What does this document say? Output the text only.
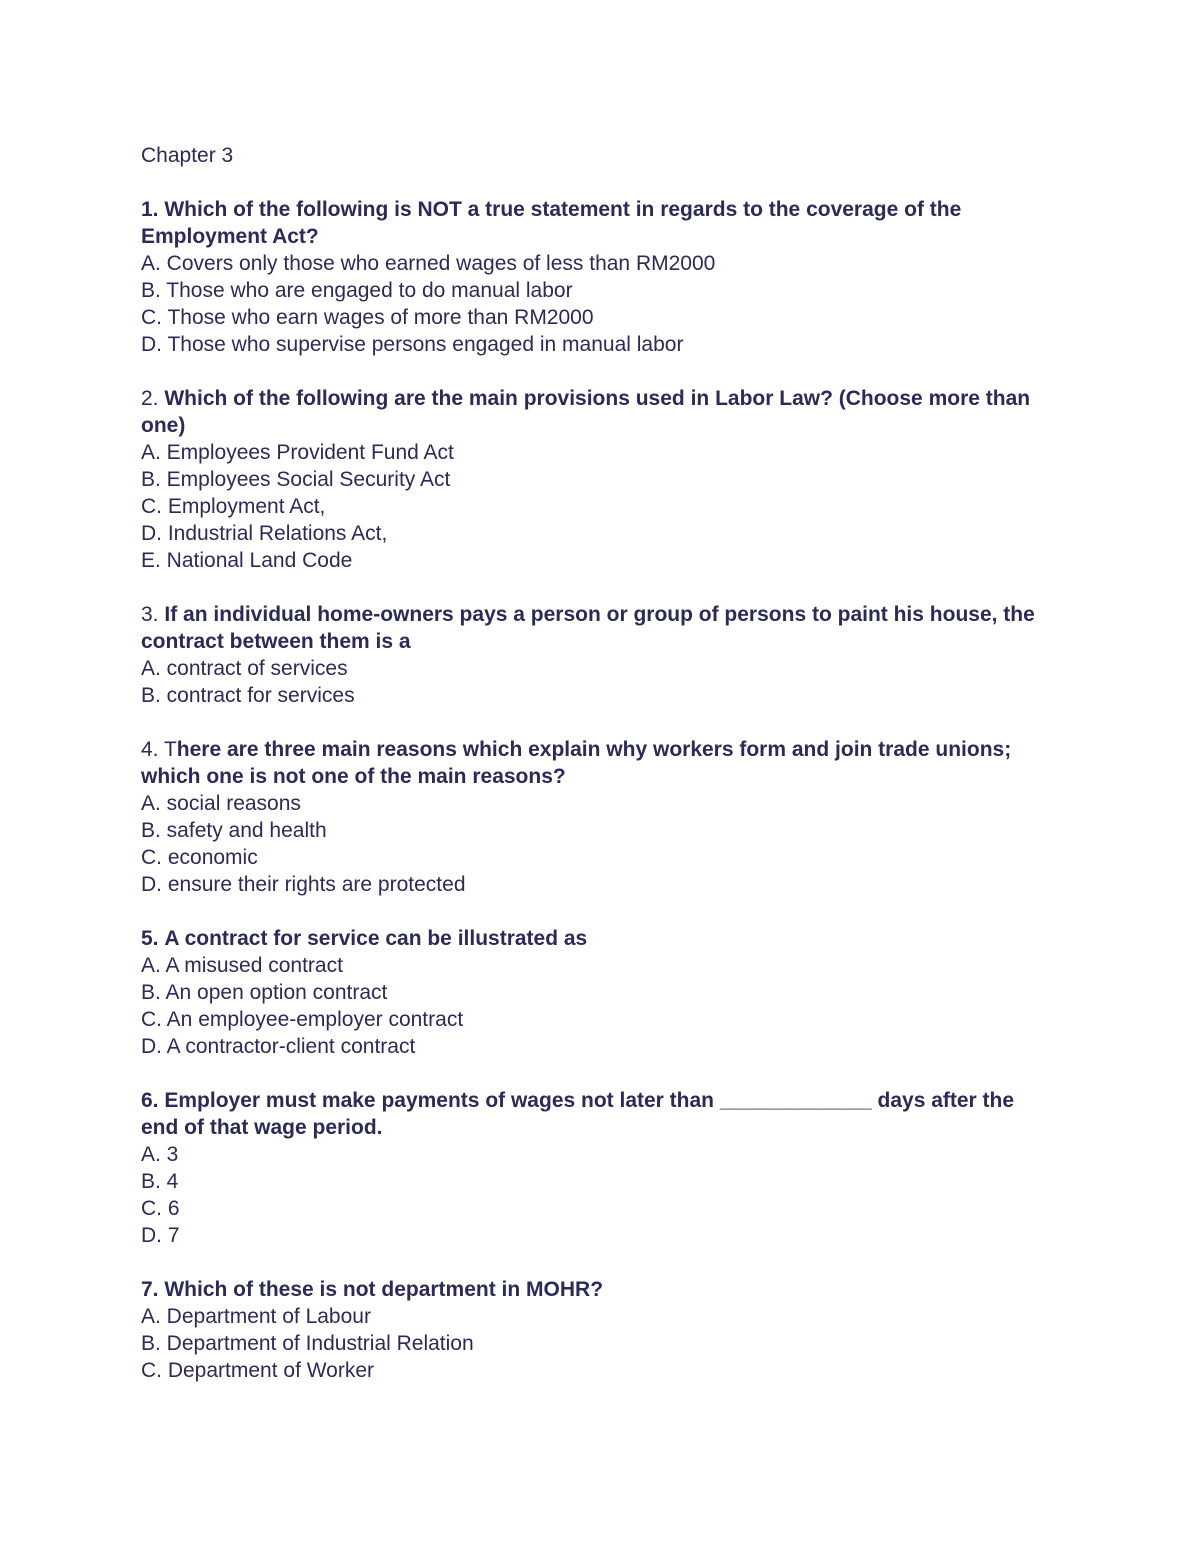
Chapter 3

1. Which of the following is NOT a true statement in regards to the coverage of the Employment Act?

A. Covers only those who earned wages of less than RM2000

B. Those who are engaged to do manual labor

C. Those who earn wages of more than RM2000

D. Those who supervise persons engaged in manual labor

2. Which of the following are the main provisions used in Labor Law? (Choose more than one)

A. Employees Provident Fund Act

B. Employees Social Security Act

C. Employment Act,

D. Industrial Relations Act,

E. National Land Code

3. If an individual home-owners pays a person or group of persons to paint his house, the contract between them is a

A. contract of services

B. contract for services

4. There are three main reasons which explain why workers form and join trade unions; which one is not one of the main reasons?

A. social reasons

B. safety and health

C. economic

D. ensure their rights are protected

5. A contract for service can be illustrated as

A. A misused contract

B. An open option contract

C. An employee-employer contract

D. A contractor-client contract

6. Employer must make payments of wages not later than _____________ days after the end of that wage period.

A. 3

B. 4

C. 6

D. 7

7. Which of these is not department in MOHR?

A. Department of Labour

B. Department of Industrial Relation

C. Department of Worker
